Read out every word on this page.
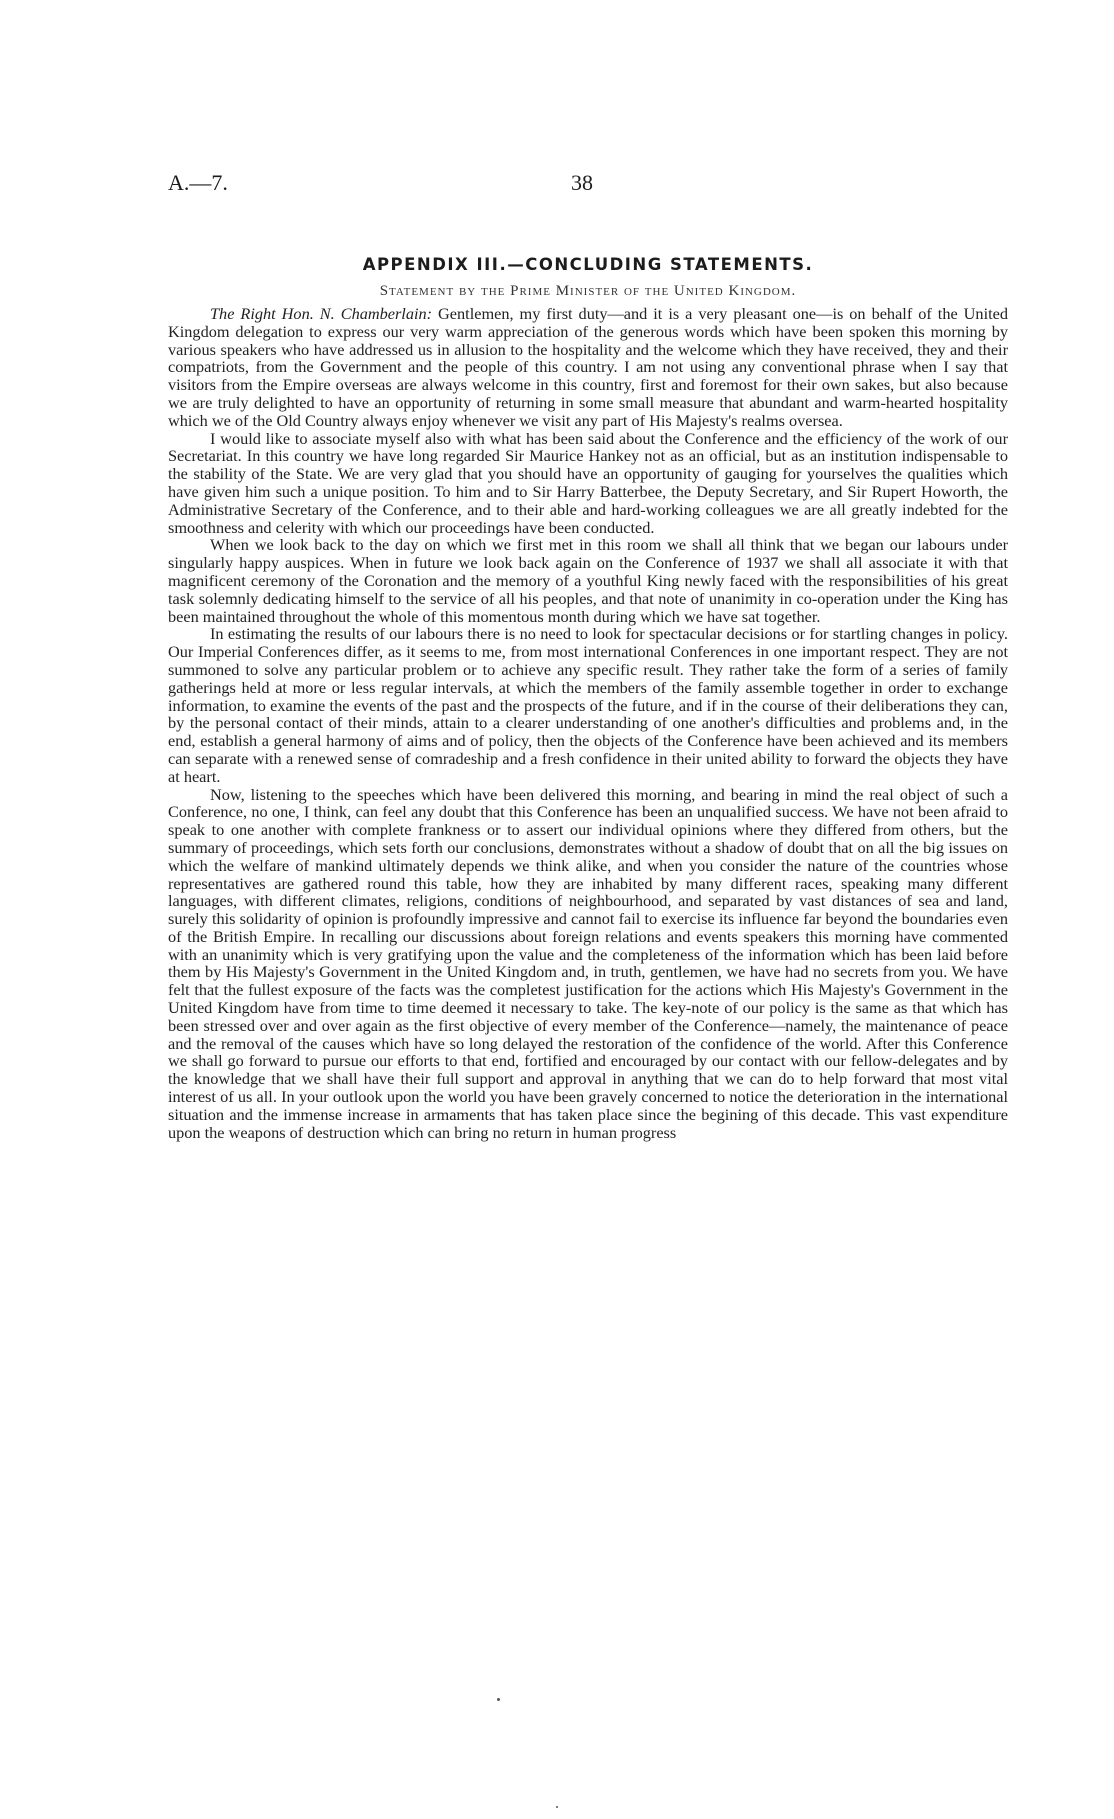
A.—7.	38
APPENDIX III.—CONCLUDING STATEMENTS.
Statement by the Prime Minister of the United Kingdom.

The Right Hon. N. Chamberlain: Gentlemen, my first duty—and it is a very pleasant one—is on behalf of the United Kingdom delegation to express our very warm appreciation of the generous words which have been spoken this morning by various speakers who have addressed us in allusion to the hospitality and the welcome which they have received, they and their compatriots, from the Government and the people of this country. I am not using any conventional phrase when I say that visitors from the Empire overseas are always welcome in this country, first and foremost for their own sakes, but also because we are truly delighted to have an opportunity of returning in some small measure that abundant and warm-hearted hospitality which we of the Old Country always enjoy whenever we visit any part of His Majesty's realms oversea.

I would like to associate myself also with what has been said about the Conference and the efficiency of the work of our Secretariat. In this country we have long regarded Sir Maurice Hankey not as an official, but as an institution indispensable to the stability of the State. We are very glad that you should have an opportunity of gauging for yourselves the qualities which have given him such a unique position. To him and to Sir Harry Batterbee, the Deputy Secretary, and Sir Rupert Howorth, the Administrative Secretary of the Conference, and to their able and hard-working colleagues we are all greatly indebted for the smoothness and celerity with which our proceedings have been conducted.

When we look back to the day on which we first met in this room we shall all think that we began our labours under singularly happy auspices. When in future we look back again on the Conference of 1937 we shall all associate it with that magnificent ceremony of the Coronation and the memory of a youthful King newly faced with the responsibilities of his great task solemnly dedicating himself to the service of all his peoples, and that note of unanimity in co-operation under the King has been maintained throughout the whole of this momentous month during which we have sat together.

In estimating the results of our labours there is no need to look for spectacular decisions or for startling changes in policy. Our Imperial Conferences differ, as it seems to me, from most international Conferences in one important respect. They are not summoned to solve any particular problem or to achieve any specific result. They rather take the form of a series of family gatherings held at more or less regular intervals, at which the members of the family assemble together in order to exchange information, to examine the events of the past and the prospects of the future, and if in the course of their deliberations they can, by the personal contact of their minds, attain to a clearer understanding of one another's difficulties and problems and, in the end, establish a general harmony of aims and of policy, then the objects of the Conference have been achieved and its members can separate with a renewed sense of comradeship and a fresh confidence in their united ability to forward the objects they have at heart.

Now, listening to the speeches which have been delivered this morning, and bearing in mind the real object of such a Conference, no one, I think, can feel any doubt that this Conference has been an unqualified success. We have not been afraid to speak to one another with complete frankness or to assert our individual opinions where they differed from others, but the summary of proceedings, which sets forth our conclusions, demonstrates without a shadow of doubt that on all the big issues on which the welfare of mankind ultimately depends we think alike, and when you consider the nature of the countries whose representatives are gathered round this table, how they are inhabited by many different races, speaking many different languages, with different climates, religions, conditions of neighbourhood, and separated by vast distances of sea and land, surely this solidarity of opinion is profoundly impressive and cannot fail to exercise its influence far beyond the boundaries even of the British Empire. In recalling our discussions about foreign relations and events speakers this morning have commented with an unanimity which is very gratifying upon the value and the completeness of the information which has been laid before them by His Majesty's Government in the United Kingdom and, in truth, gentlemen, we have had no secrets from you. We have felt that the fullest exposure of the facts was the completest justification for the actions which His Majesty's Government in the United Kingdom have from time to time deemed it necessary to take. The key-note of our policy is the same as that which has been stressed over and over again as the first objective of every member of the Conference—namely, the maintenance of peace and the removal of the causes which have so long delayed the restoration of the confidence of the world. After this Conference we shall go forward to pursue our efforts to that end, fortified and encouraged by our contact with our fellow-delegates and by the knowledge that we shall have their full support and approval in anything that we can do to help forward that most vital interest of us all. In your outlook upon the world you have been gravely concerned to notice the deterioration in the international situation and the immense increase in armaments that has taken place since the begining of this decade. This vast expenditure upon the weapons of destruction which can bring no return in human progress
